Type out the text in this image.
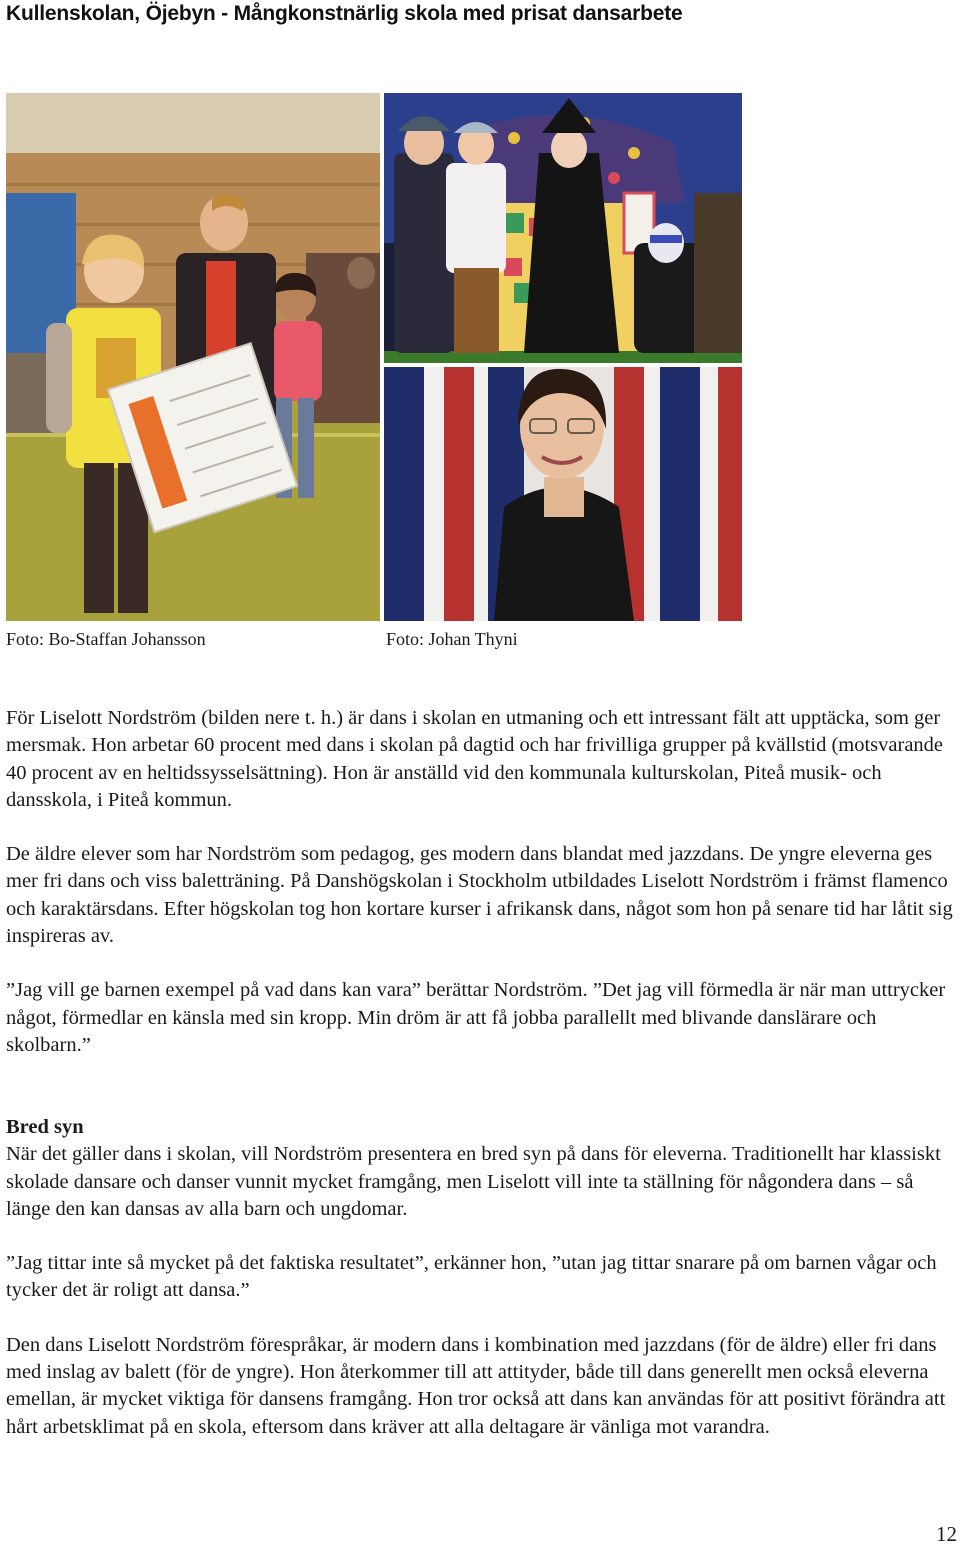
Kullenskolan, Öjebyn - Mångkonstnärlig skola med prisat dansarbete
Foto: Bo-Staffan Johansson	Foto: Johan Thyni

För Liselott Nordström (bilden nere t. h.) är dans i skolan en utmaning och ett intressant fält att upptäcka, som ger mersmak. Hon arbetar 60 procent med dans i skolan på dagtid och har frivilliga grupper på kvällstid (motsvarande 40 procent av en heltidssysselsättning). Hon är anställd vid den kommunala kulturskolan, Piteå musik- och dansskola, i Piteå kommun.

De äldre elever som har Nordström som pedagog, ges modern dans blandat med jazzdans. De yngre eleverna ges mer fri dans och viss baletträning. På Danshögskolan i Stockholm utbildades Liselott Nordström i främst flamenco och karaktärsdans. Efter högskolan tog hon kortare kurser i afrikansk dans, något som hon på senare tid har låtit sig inspireras av.

”Jag vill ge barnen exempel på vad dans kan vara” berättar Nordström. ”Det jag vill förmedla är när man uttrycker något, förmedlar en känsla med sin kropp. Min dröm är att få jobba parallellt med blivande danslärare och skolbarn.”

Bred syn

När det gäller dans i skolan, vill Nordström presentera en bred syn på dans för eleverna. Traditionellt har klassiskt skolade dansare och danser vunnit mycket framgång, men Liselott vill inte ta ställning för någondera dans – så länge den kan dansas av alla barn och ungdomar.

”Jag tittar inte så mycket på det faktiska resultatet”, erkänner hon, ”utan jag tittar snarare på om barnen vågar och tycker det är roligt att dansa.”

Den dans Liselott Nordström förespråkar, är modern dans i kombination med jazzdans (för de äldre) eller fri dans med inslag av balett (för de yngre). Hon återkommer till att attityder, både till dans generellt men också eleverna emellan, är mycket viktiga för dansens framgång. Hon tror också att dans kan användas för att positivt förändra att hårt arbetsklimat på en skola, eftersom dans kräver att alla deltagare är vänliga mot varandra.

12
